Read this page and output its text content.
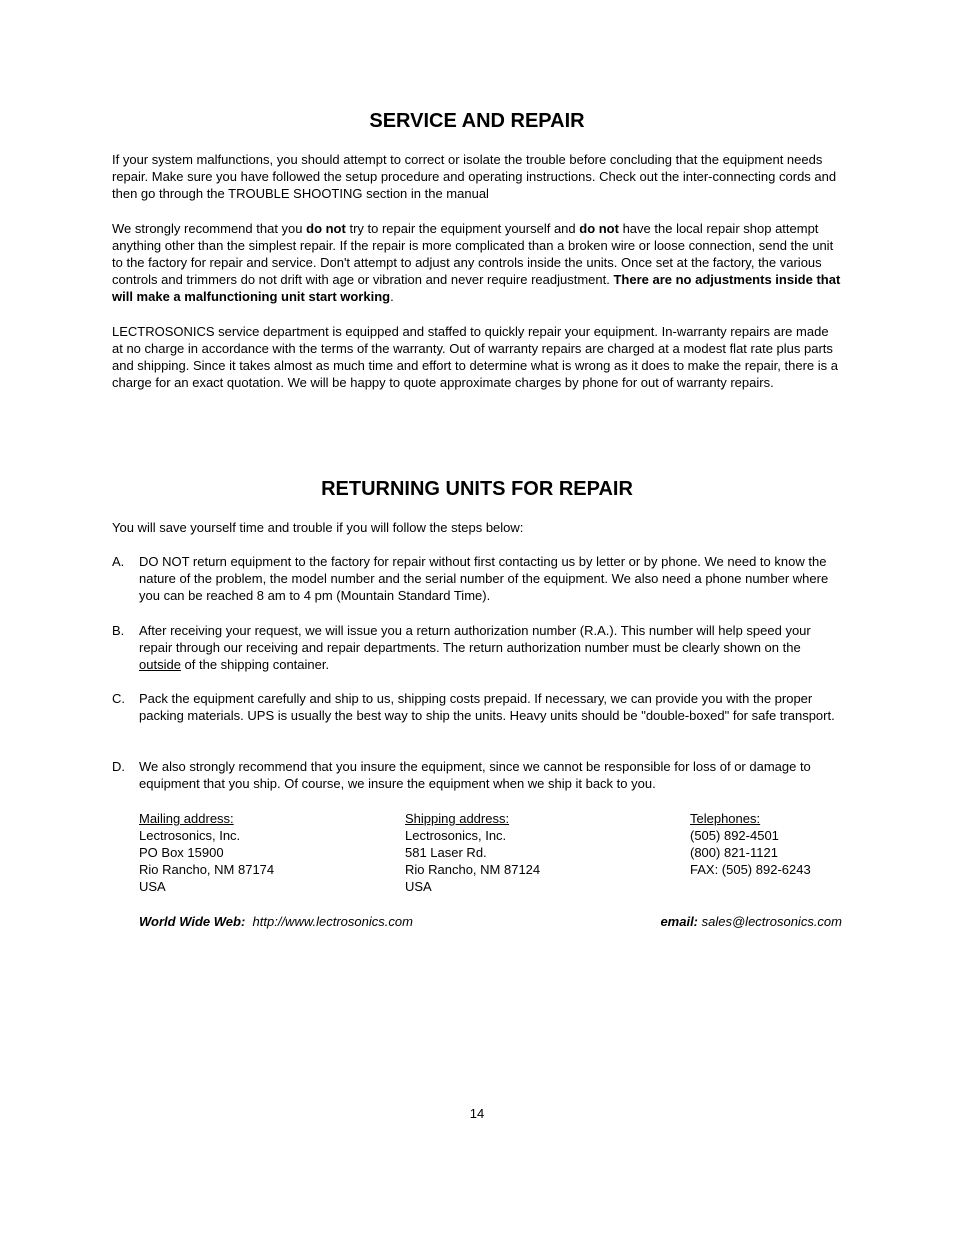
SERVICE AND REPAIR

If your system malfunctions, you should attempt to correct or isolate the trouble before concluding that the equipment needs repair. Make sure you have followed the setup procedure and operating instructions. Check out the inter-connecting cords and then go through the TROUBLE SHOOTING section in the manual

We strongly recommend that you do not try to repair the equipment yourself and do not have the local repair shop attempt anything other than the simplest repair. If the repair is more complicated than a broken wire or loose connection, send the unit to the factory for repair and service. Don't attempt to adjust any controls inside the units. Once set at the factory, the various controls and trimmers do not drift with age or vibration and never require readjustment. There are no adjustments inside that will make a malfunctioning unit start working.

LECTROSONICS service department is equipped and staffed to quickly repair your equipment. In-warranty repairs are made at no charge in accordance with the terms of the warranty. Out of warranty repairs are charged at a modest flat rate plus parts and shipping. Since it takes almost as much time and effort to determine what is wrong as it does to make the repair, there is a charge for an exact quotation. We will be happy to quote approximate charges by phone for out of warranty repairs.

RETURNING UNITS FOR REPAIR

You will save yourself time and trouble if you will follow the steps below:

A. DO NOT return equipment to the factory for repair without first contacting us by letter or by phone. We need to know the nature of the problem, the model number and the serial number of the equipment. We also need a phone number where you can be reached 8 am to 4 pm (Mountain Standard Time).
B. After receiving your request, we will issue you a return authorization number (R.A.). This number will help speed your repair through our receiving and repair departments. The return authorization number must be clearly shown on the outside of the shipping container.
C. Pack the equipment carefully and ship to us, shipping costs prepaid. If necessary, we can provide you with the proper packing materials. UPS is usually the best way to ship the units. Heavy units should be "double-boxed" for safe transport.
D. We also strongly recommend that you insure the equipment, since we cannot be responsible for loss of or damage to equipment that you ship. Of course, we insure the equipment when we ship it back to you.
Mailing address:
Lectrosonics, Inc.
PO Box 15900
Rio Rancho, NM 87174
USA
Shipping address:
Lectrosonics, Inc.
581 Laser Rd.
Rio Rancho, NM 87124
USA
Telephones:
(505) 892-4501
(800) 821-1121
FAX: (505) 892-6243
World Wide Web: http://www.lectrosonics.com	email: sales@lectrosonics.com
14
